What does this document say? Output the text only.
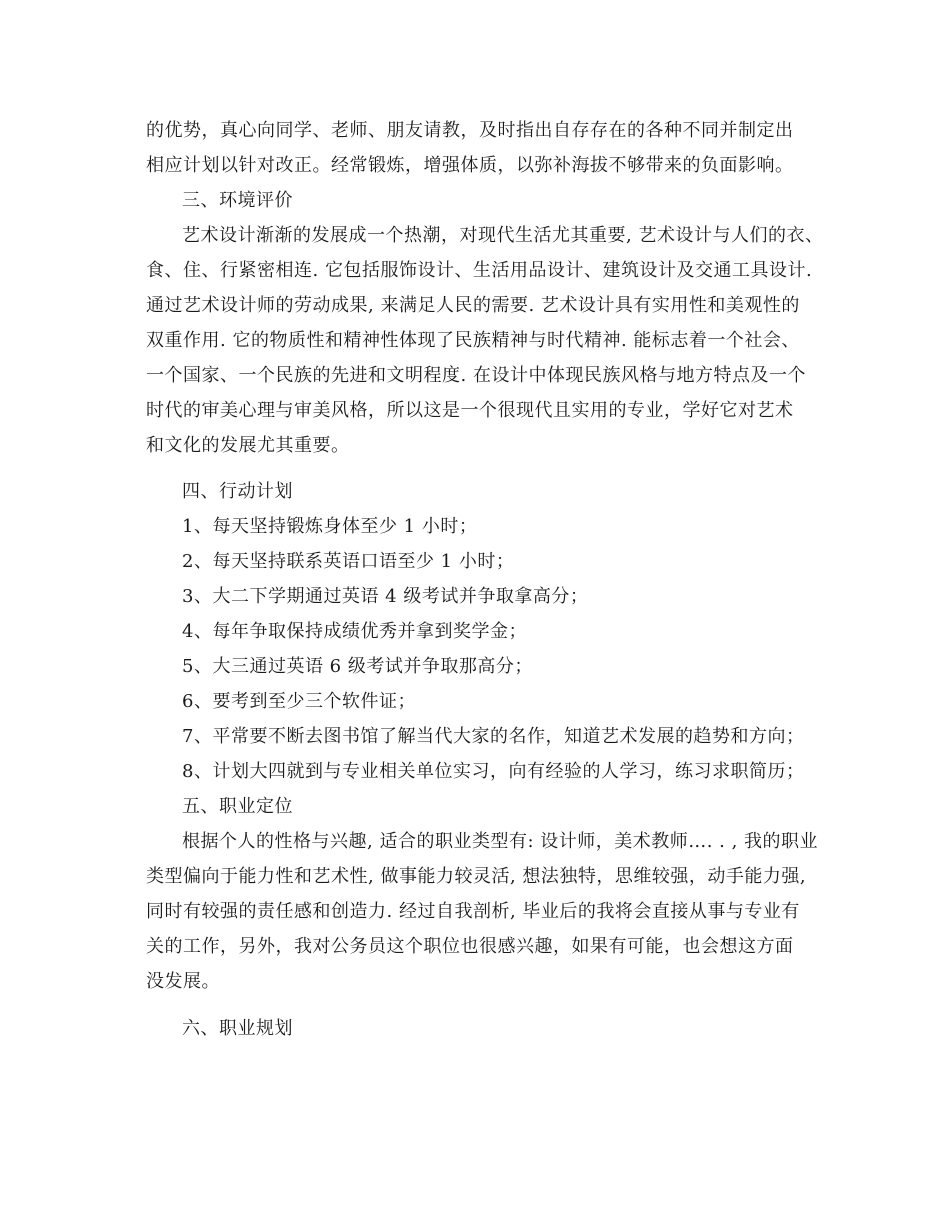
的优势，真心向同学、老师、朋友请教，及时指出自存存在的各种不同并制定出
相应计划以针对改正。经常锻炼，增强体质，以弥补海拔不够带来的负面影响。
三、环境评价
艺术设计渐渐的发展成一个热潮，对现代生活尤其重要, 艺术设计与人们的衣、
食、住、行紧密相连. 它包括服饰设计、生活用品设计、建筑设计及交通工具设计.
通过艺术设计师的劳动成果, 来满足人民的需要. 艺术设计具有实用性和美观性的
双重作用. 它的物质性和精神性体现了民族精神与时代精神. 能标志着一个社会、
一个国家、一个民族的先进和文明程度. 在设计中体现民族风格与地方特点及一个
时代的审美心理与审美风格，所以这是一个很现代且实用的专业，学好它对艺术
和文化的发展尤其重要。
四、行动计划
1、每天坚持锻炼身体至少 1 小时；
2、每天坚持联系英语口语至少 1 小时；
3、大二下学期通过英语 4 级考试并争取拿高分；
4、每年争取保持成绩优秀并拿到奖学金；
5、大三通过英语 6 级考试并争取那高分；
6、要考到至少三个软件证；
7、平常要不断去图书馆了解当代大家的名作，知道艺术发展的趋势和方向；
8、计划大四就到与专业相关单位实习，向有经验的人学习，练习求职简历；
五、职业定位
根据个人的性格与兴趣, 适合的职业类型有: 设计师，美术教师…. . , 我的职业
类型偏向于能力性和艺术性, 做事能力较灵活, 想法独特，思维较强，动手能力强,
同时有较强的责任感和创造力. 经过自我剖析, 毕业后的我将会直接从事与专业有
关的工作，另外，我对公务员这个职位也很感兴趣，如果有可能，也会想这方面
没发展。
六、职业规划
